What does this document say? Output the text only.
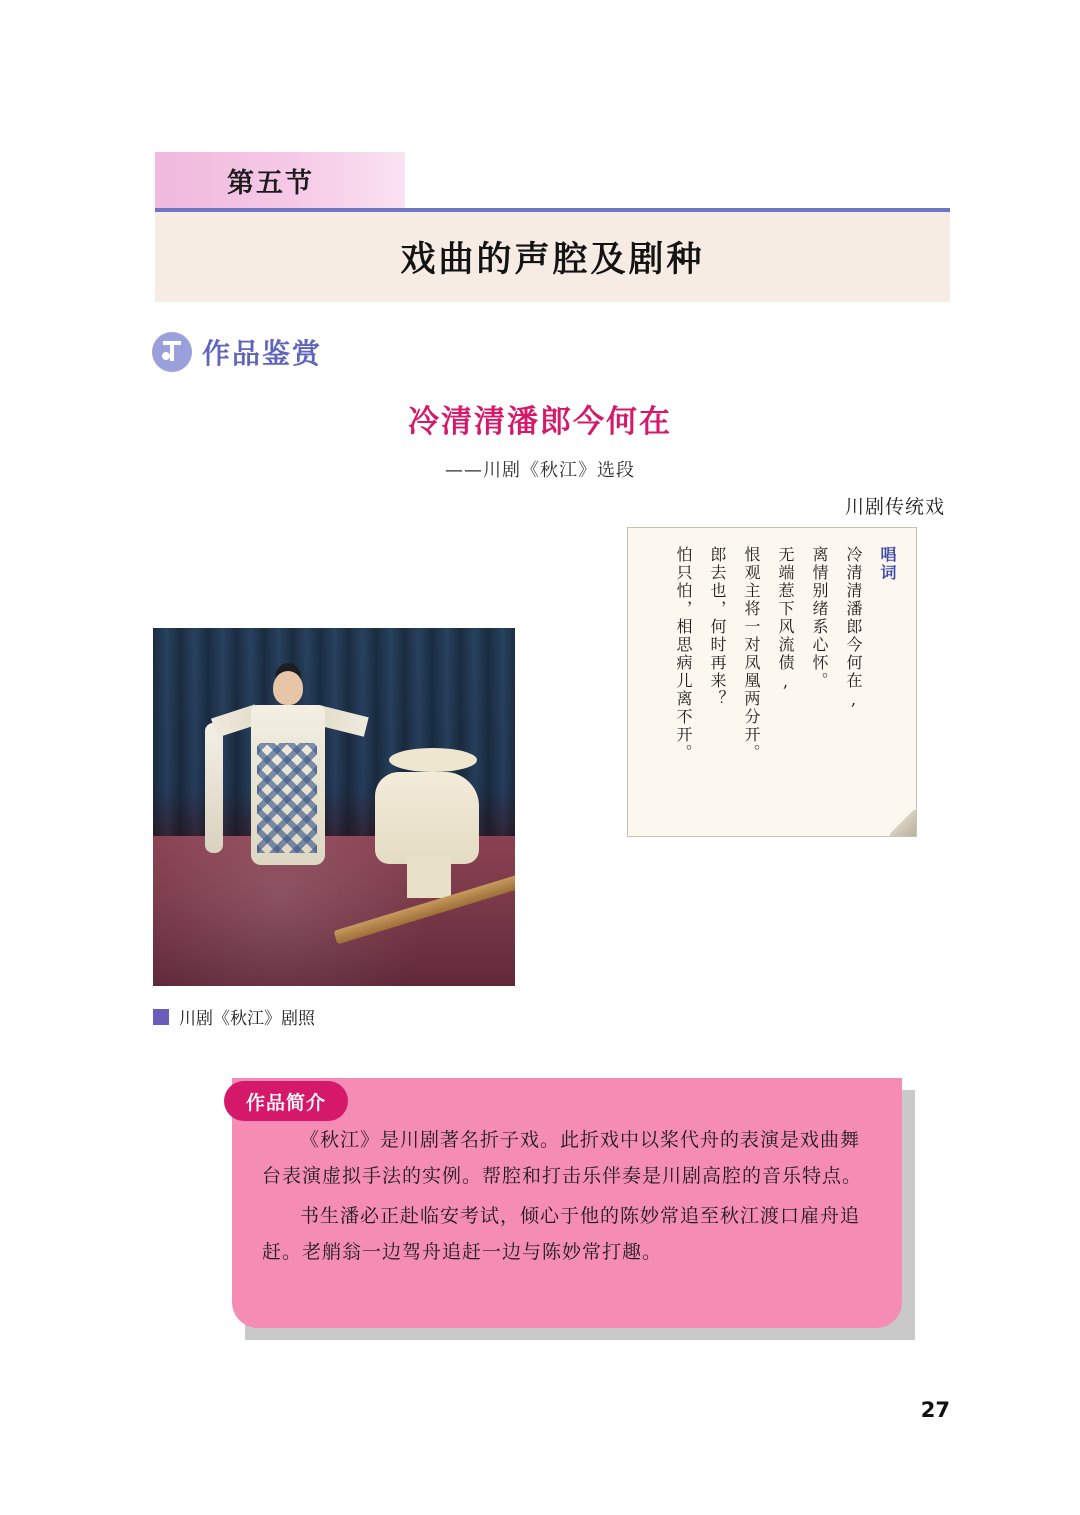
第五节
戏曲的声腔及剧种
作品鉴赏
冷清清潘郎今何在
——川剧《秋江》选段
川剧传统戏
唱词
冷清清潘郎今何在,
离情别绪系心怀。
无端惹下风流债,
恨观主将一对凤凰两分开。
郎去也，何时再来？
怕只怕，相思病儿离不开。
川剧《秋江》剧照
作品简介

《秋江》是川剧著名折子戏。此折戏中以桨代舟的表演是戏曲舞台表演虚拟手法的实例。帮腔和打击乐伴奏是川剧高腔的音乐特点。

书生潘必正赴临安考试，倾心于他的陈妙常追至秋江渡口雇舟追赶。老艄翁一边驾舟追赶一边与陈妙常打趣。

27
